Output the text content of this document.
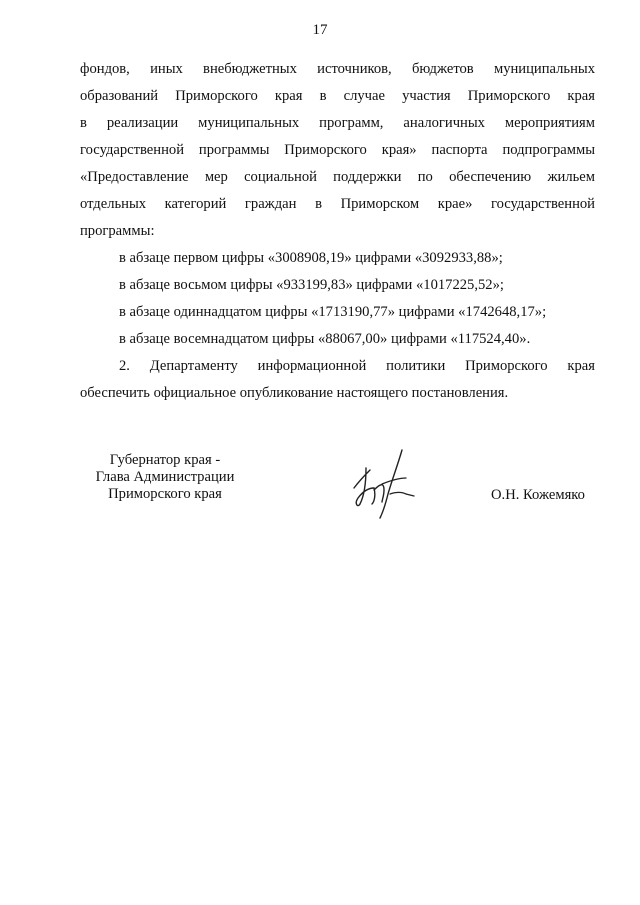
17
фондов, иных внебюджетных источников, бюджетов муниципальных
образований Приморского края в случае участия Приморского края
в реализации муниципальных программ, аналогичных мероприятиям
государственной программы Приморского края» паспорта подпрограммы
«Предоставление мер социальной поддержки по обеспечению жильем
отдельных категорий граждан в Приморском крае» государственной
программы:
в абзаце первом цифры «3008908,19» цифрами «3092933,88»;
в абзаце восьмом цифры «933199,83» цифрами «1017225,52»;
в абзаце одиннадцатом цифры «1713190,77» цифрами «1742648,17»;
в абзаце восемнадцатом цифры «88067,00» цифрами «117524,40».
2. Департаменту информационной политики Приморского края
обеспечить официальное опубликование настоящего постановления.
Губернатор края -
Глава Администрации
Приморского края	О.Н. Кожемяко
